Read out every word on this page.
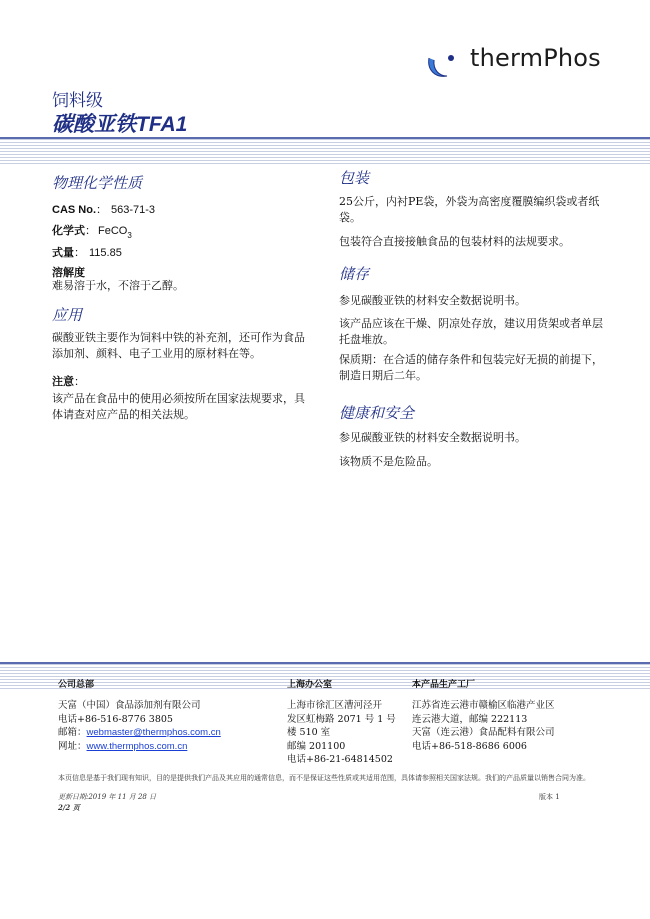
thermPhos
饲料级
碳酸亚铁TFA1
物理化学性质
CAS No.： 563-71-3
化学式： FeCO$_3$
式量： 115.85
溶解度
难易溶于水，不溶于乙醇。
应用
碳酸亚铁主要作为饲料中铁的补充剂，还可作为食品添加剂、颜料、电子工业用的原材料在等。
注意：
该产品在食品中的使用必须按所在国家法规要求，具体请查对应产品的相关法规。
包装
25公斤，内衬PE袋，外袋为高密度覆膜编织袋或者纸袋。
包装符合直接接触食品的包装材料的法规要求。
储存
参见碳酸亚铁的材料安全数据说明书。
该产品应该在干燥、阴凉处存放，建议用货架或者单层托盘堆放。
保质期：在合适的储存条件和包装完好无损的前提下，制造日期后二年。
健康和安全
参见碳酸亚铁的材料安全数据说明书。
该物质不是危险品。
公司总部
天富（中国）食品添加剂有限公司
电话+86-516-8776 3805
邮箱：webmaster@thermphos.com.cn
网址：www.thermphos.com.cn
上海办公室
上海市徐汇区漕河泾开
发区虹梅路 2071 号 1 号
楼 510 室
邮编 201100
电话+86-21-64814502
本产品生产工厂
江苏省连云港市赣榆区临港产业区
连云港大道，邮编 222113
天富（连云港）食品配料有限公司
电话+86-518-8686 6006
本页信息是基于我们现有知识，目的是提供我们产品及其应用的通常信息，而不是保证这些性质或其适用范围，具体请参照相关国家法规。我们的产品质量以销售合同为准。
更新日期:2019 年 11 月 28 日
2/2 页
版本 1
